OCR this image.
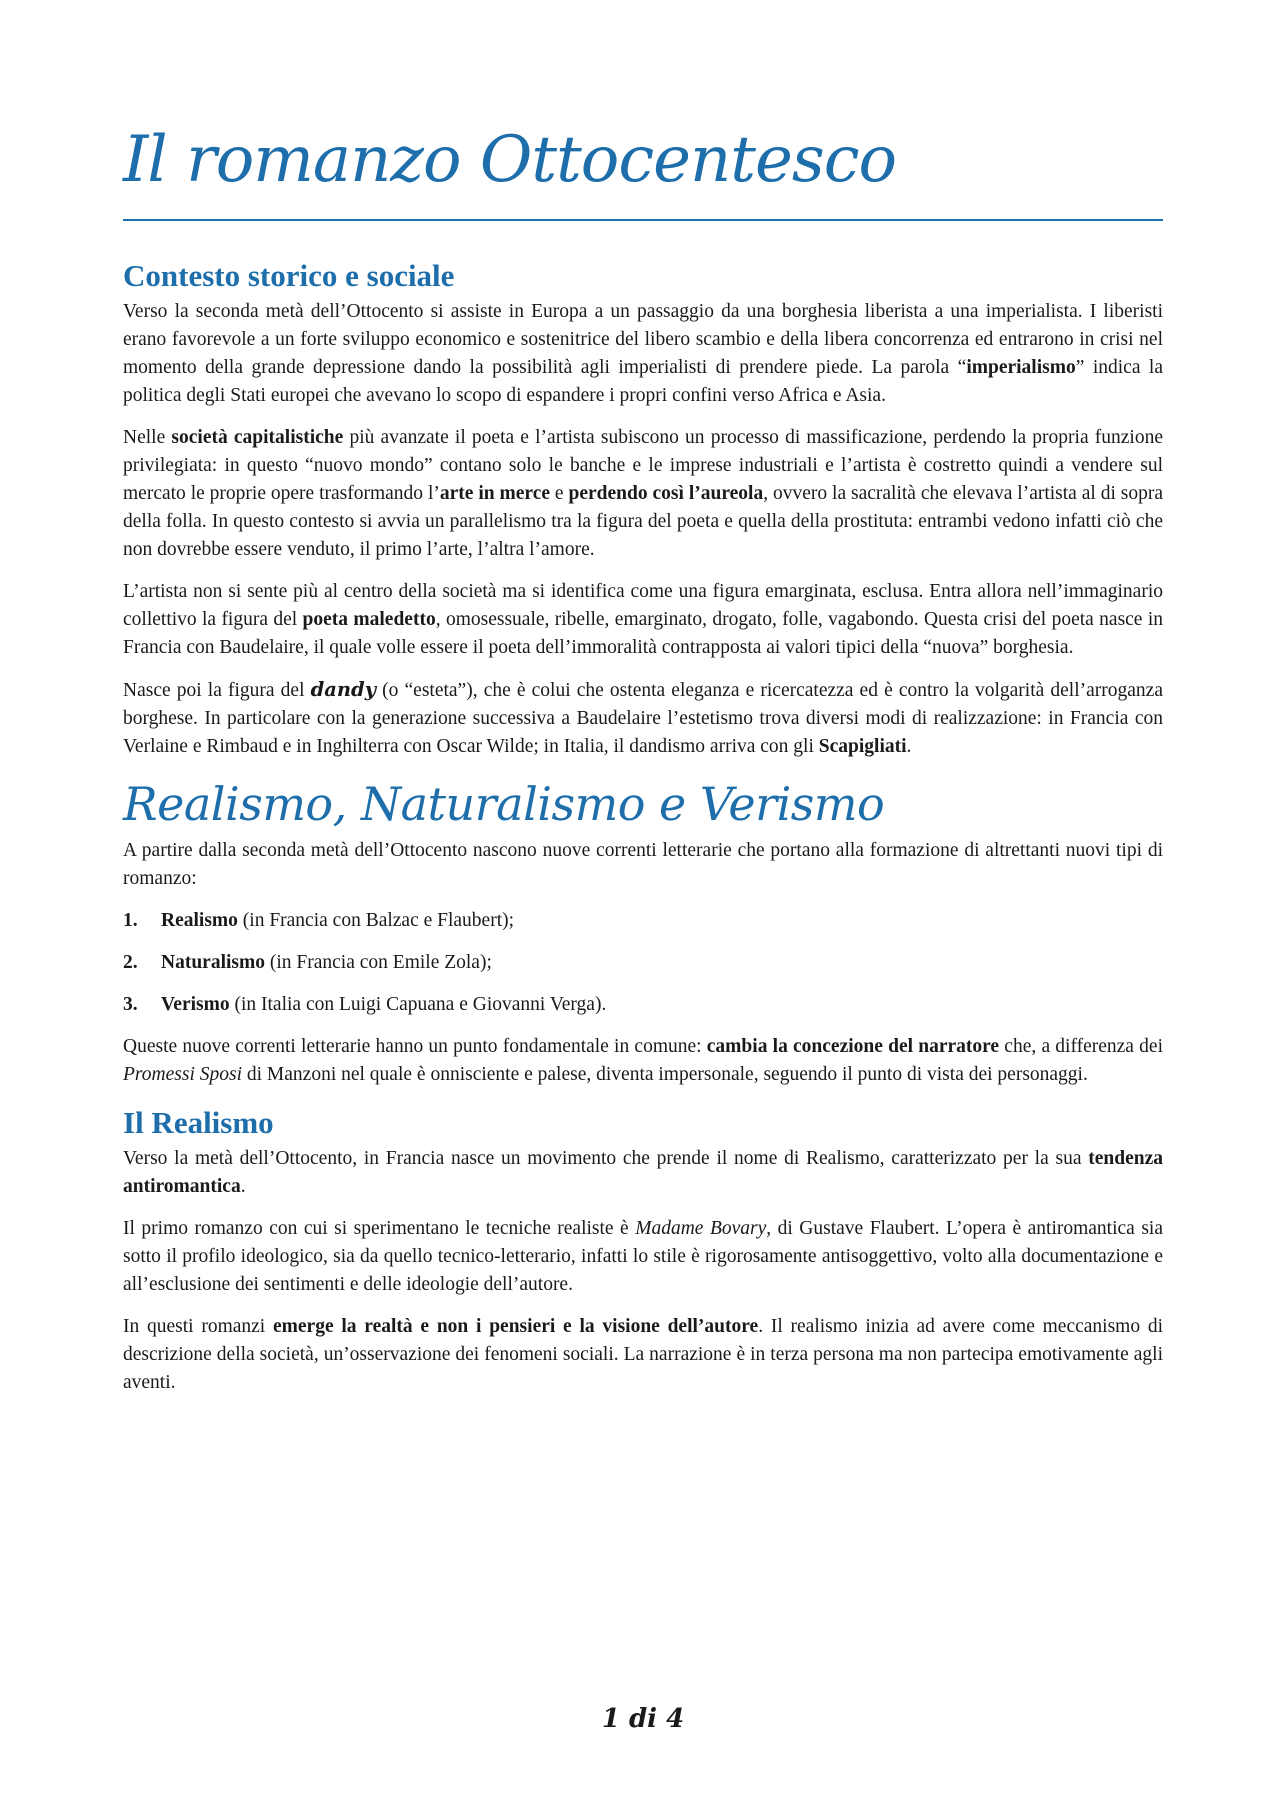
Il romanzo Ottocentesco
Contesto storico e sociale

Verso la seconda metà dell’Ottocento si assiste in Europa a un passaggio da una borghesia liberista a una imperialista. I liberisti erano favorevole a un forte sviluppo economico e sostenitrice del libero scambio e della libera concorrenza ed entrarono in crisi nel momento della grande depressione dando la possibilità agli imperialisti di prendere piede. La parola “imperialismo” indica la politica degli Stati europei che avevano lo scopo di espandere i propri confini verso Africa e Asia.

Nelle società capitalistiche più avanzate il poeta e l’artista subiscono un processo di massificazione, perdendo la propria funzione privilegiata: in questo “nuovo mondo” contano solo le banche e le imprese industriali e l’artista è costretto quindi a vendere sul mercato le proprie opere trasformando l’arte in merce e perdendo così l’aureola, ovvero la sacralità che elevava l’artista al di sopra della folla. In questo contesto si avvia un parallelismo tra la figura del poeta e quella della prostituta: entrambi vedono infatti ciò che non dovrebbe essere venduto, il primo l’arte, l’altra l’amore.

L’artista non si sente più al centro della società ma si identifica come una figura emarginata, esclusa. Entra allora nell’immaginario collettivo la figura del poeta maledetto, omosessuale, ribelle, emarginato, drogato, folle, vagabondo. Questa crisi del poeta nasce in Francia con Baudelaire, il quale volle essere il poeta dell’immoralità contrapposta ai valori tipici della “nuova” borghesia.

Nasce poi la figura del dandy (o “esteta”), che è colui che ostenta eleganza e ricercatezza ed è contro la volgarità dell’arroganza borghese. In particolare con la generazione successiva a Baudelaire l’estetismo trova diversi modi di realizzazione: in Francia con Verlaine e Rimbaud e in Inghilterra con Oscar Wilde; in Italia, il dandismo arriva con gli Scapigliati.

Realismo, Naturalismo e Verismo

A partire dalla seconda metà dell’Ottocento nascono nuove correnti letterarie che portano alla formazione di altrettanti nuovi tipi di romanzo:

1.	Realismo (in Francia con Balzac e Flaubert);
2.	Naturalismo (in Francia con Emile Zola);
3.	Verismo (in Italia con Luigi Capuana e Giovanni Verga).

Queste nuove correnti letterarie hanno un punto fondamentale in comune: cambia la concezione del narratore che, a differenza dei Promessi Sposi di Manzoni nel quale è onnisciente e palese, diventa impersonale, seguendo il punto di vista dei personaggi.

Il Realismo

Verso la metà dell’Ottocento, in Francia nasce un movimento che prende il nome di Realismo, caratterizzato per la sua tendenza antiromantica.

Il primo romanzo con cui si sperimentano le tecniche realiste è Madame Bovary, di Gustave Flaubert. L’opera è antiromantica sia sotto il profilo ideologico, sia da quello tecnico-letterario, infatti lo stile è rigorosamente antisoggettivo, volto alla documentazione e all’esclusione dei sentimenti e delle ideologie dell’autore.

In questi romanzi emerge la realtà e non i pensieri e la visione dell’autore. Il realismo inizia ad avere come meccanismo di descrizione della società, un’osservazione dei fenomeni sociali. La narrazione è in terza persona ma non partecipa emotivamente agli aventi.

1 di 4
